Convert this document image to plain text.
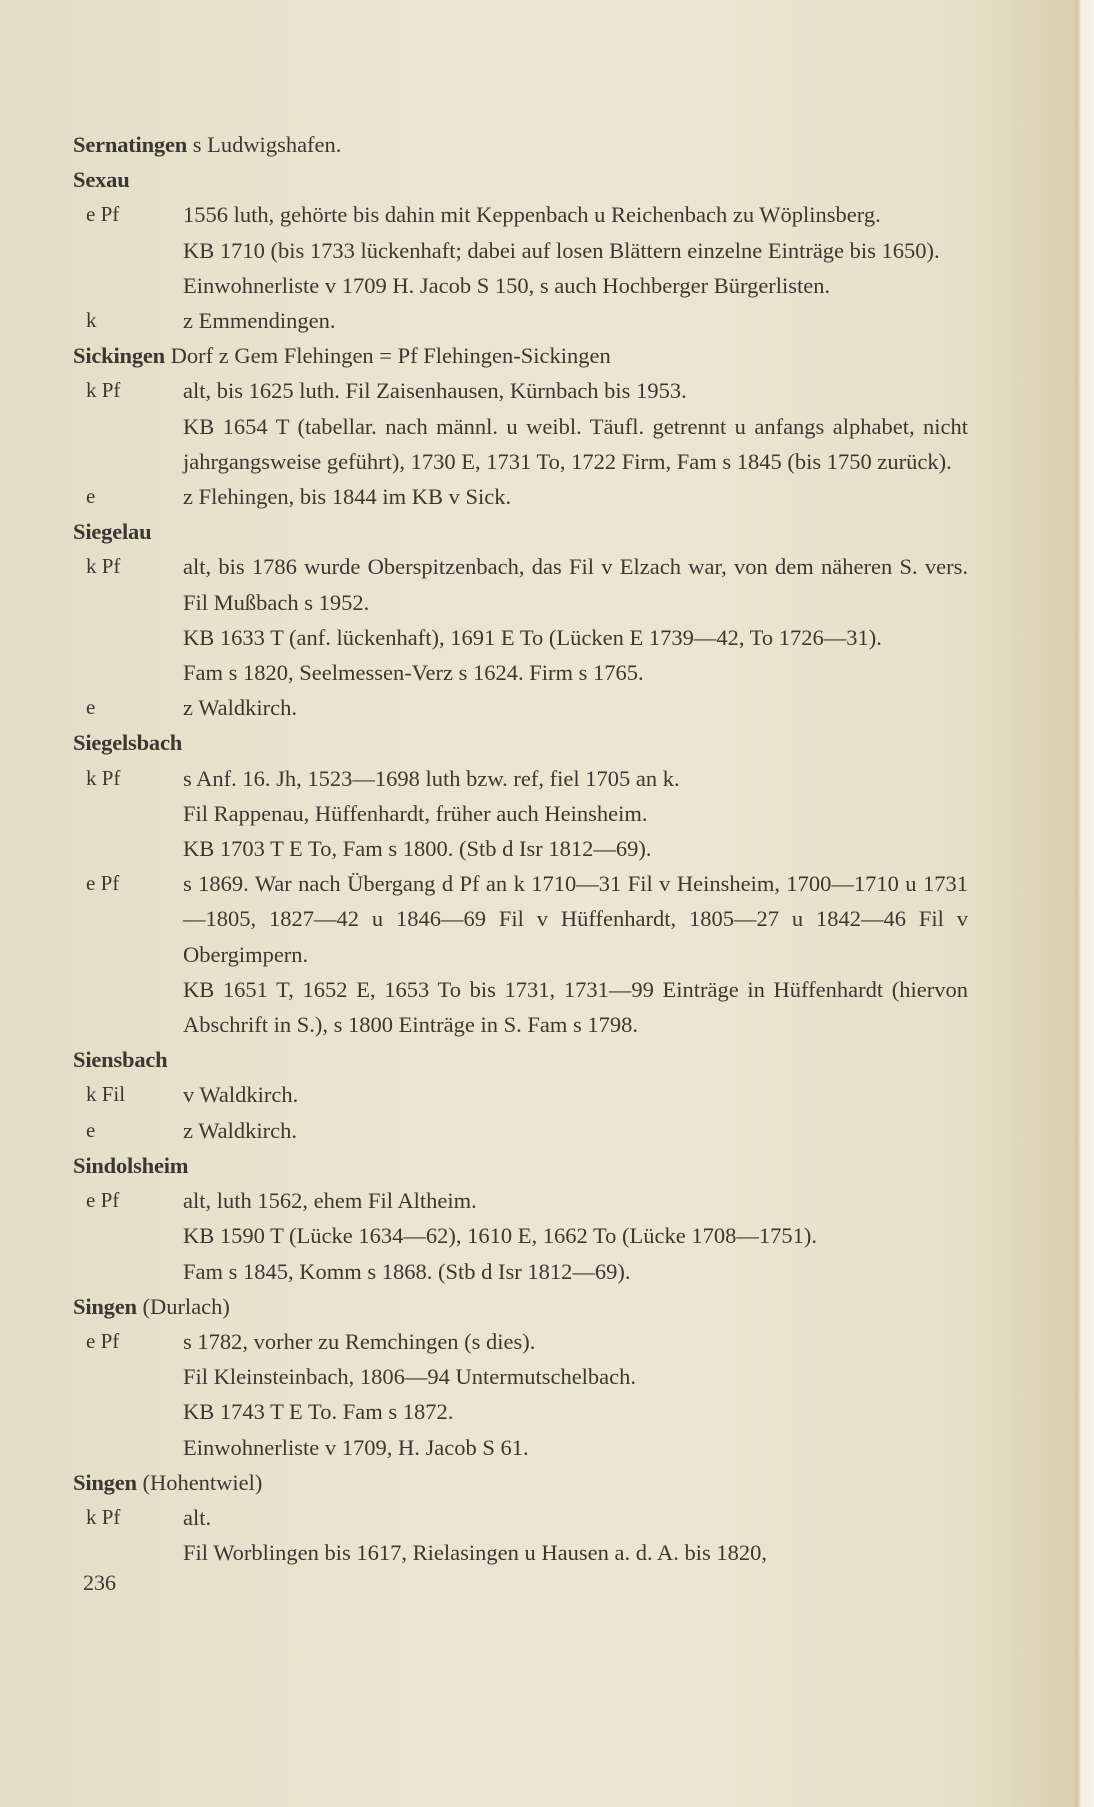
Sernatingen s Ludwigshafen.
Sexau
e Pf	1556 luth, gehörte bis dahin mit Keppenbach u Reichenbach zu Wöplinsberg.
KB 1710 (bis 1733 lückenhaft; dabei auf losen Blättern einzelne Einträge bis 1650).
Einwohnerliste v 1709 H. Jacob S 150, s auch Hochberger Bürgerlisten.
k	z Emmendingen.
Sickingen Dorf z Gem Flehingen = Pf Flehingen-Sickingen
k Pf	alt, bis 1625 luth. Fil Zaisenhausen, Kürnbach bis 1953.
KB 1654 T (tabellar. nach männl. u weibl. Täufl. getrennt u anfangs alphabet, nicht jahrgangsweise geführt), 1730 E, 1731 To, 1722 Firm, Fam s 1845 (bis 1750 zurück).
e	z Flehingen, bis 1844 im KB v Sick.
Siegelau
k Pf	alt, bis 1786 wurde Oberspitzenbach, das Fil v Elzach war, von dem näheren S. vers. Fil Mußbach s 1952.
KB 1633 T (anf. lückenhaft), 1691 E To (Lücken E 1739—42, To 1726—31).
Fam s 1820, Seelmessen-Verz s 1624. Firm s 1765.
e	z Waldkirch.
Siegelsbach
k Pf	s Anf. 16. Jh, 1523—1698 luth bzw. ref, fiel 1705 an k.
Fil Rappenau, Hüffenhardt, früher auch Heinsheim.
KB 1703 T E To, Fam s 1800. (Stb d Isr 1812—69).
e Pf	s 1869. War nach Übergang d Pf an k 1710—31 Fil v Heinsheim, 1700—1710 u 1731—1805, 1827—42 u 1846—69 Fil v Hüffenhardt, 1805—27 u 1842—46 Fil v Obergimpern.
KB 1651 T, 1652 E, 1653 To bis 1731, 1731—99 Einträge in Hüffenhardt (hiervon Abschrift in S.), s 1800 Einträge in S. Fam s 1798.
Siensbach
k Fil	v Waldkirch.
e	z Waldkirch.
Sindolsheim
e Pf	alt, luth 1562, ehem Fil Altheim.
KB 1590 T (Lücke 1634—62), 1610 E, 1662 To (Lücke 1708—1751).
Fam s 1845, Komm s 1868. (Stb d Isr 1812—69).
Singen (Durlach)
e Pf	s 1782, vorher zu Remchingen (s dies).
Fil Kleinsteinbach, 1806—94 Untermutschelbach.
KB 1743 T E To. Fam s 1872.
Einwohnerliste v 1709, H. Jacob S 61.
Singen (Hohentwiel)
k Pf	alt.
Fil Worblingen bis 1617, Rielasingen u Hausen a. d. A. bis 1820,
236
